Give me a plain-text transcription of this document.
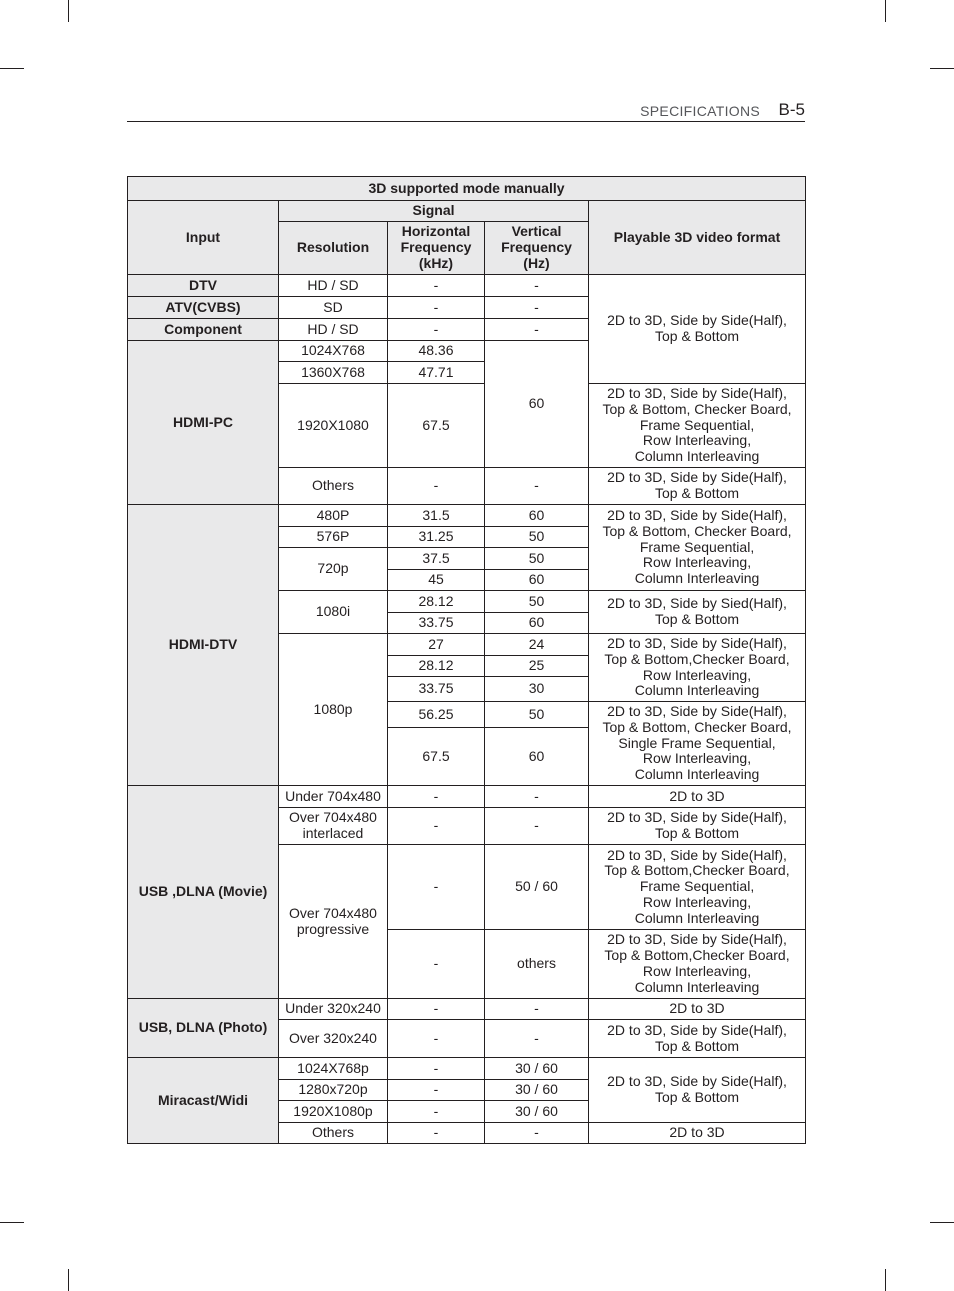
SPECIFICATIONS B-5
3D supported mode manually				
Input	Signal			Playable 3D video format
	Resolution	Horizontal Frequency (kHz)	Vertical Frequency (Hz)	
DTV	HD / SD	-	-	2D to 3D, Side by Side(Half),
Top & Bottom
ATV(CVBS)	SD	-	-	
Component	HD / SD	-	-	
HDMI-PC	1024X768	48.36	60	
	1360X768	47.71		
	1920X1080	67.5		2D to 3D, Side by Side(Half),
Top & Bottom, Checker Board,
Frame Sequential,
Row Interleaving,
Column Interleaving
	Others	-	-	2D to 3D, Side by Side(Half),
Top & Bottom
HDMI-DTV	480P	31.5	60	2D to 3D, Side by Side(Half),
Top & Bottom, Checker Board,
Frame Sequential,
Row Interleaving,
Column Interleaving
	576P	31.25	50	
	720p	37.5	50	
		45	60	
	1080i	28.12	50	2D to 3D, Side by Sied(Half),
Top & Bottom
		33.75	60	
	1080p	27	24	2D to 3D, Side by Side(Half),
Top & Bottom,Checker Board,
Row Interleaving,
Column Interleaving
		28.12	25	
		33.75	30	
		56.25	50	2D to 3D, Side by Side(Half),
Top & Bottom, Checker Board,
Single Frame Sequential,
Row Interleaving,
Column Interleaving

		67.5	60	

USB ,DLNA (Movie)	Under 704x480	-	-	2D to 3D
	Over 704x480 interlaced	-	-	2D to 3D, Side by Side(Half),
Top & Bottom
	Over 704x480 progressive	-	50 / 60	2D to 3D, Side by Side(Half),
Top & Bottom,Checker Board,
Frame Sequential,
Row Interleaving,
Column Interleaving
		-	others	2D to 3D, Side by Side(Half),
Top & Bottom,Checker Board,
Row Interleaving,
Column Interleaving

USB, DLNA (Photo)	Under 320x240	-	-	2D to 3D
	Over 320x240	-	-	2D to 3D, Side by Side(Half),
Top & Bottom
Miracast/Widi	1024X768p	-	30 / 60	2D to 3D, Side by Side(Half),
Top & Bottom
	1280x720p	-	30 / 60	
	1920X1080p	-	30 / 60	
	Others	-	-	2D to 3D
